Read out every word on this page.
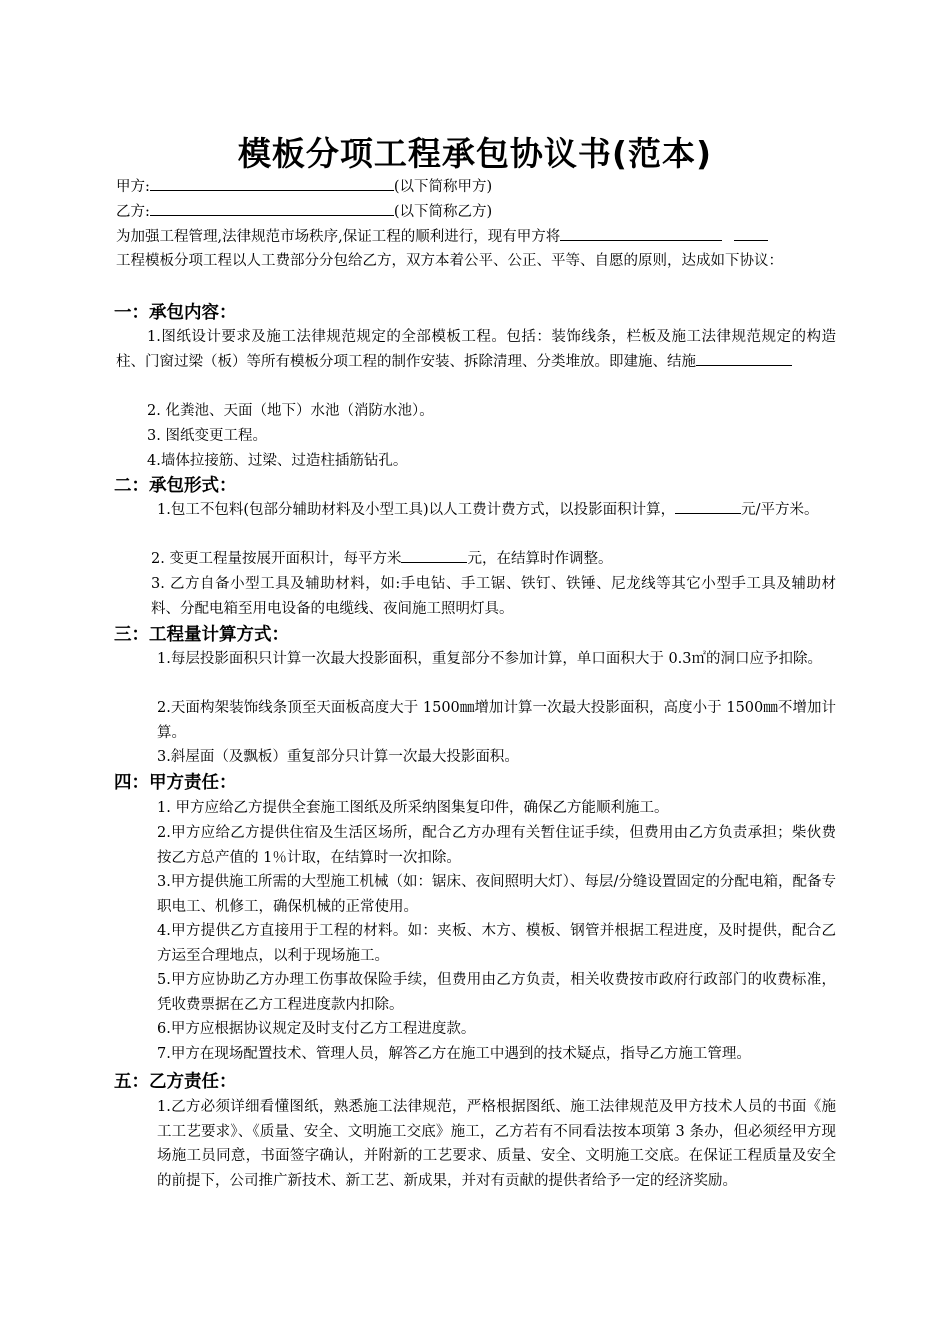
模板分项工程承包协议书(范本)
甲方:	(以下简称甲方)
乙方:	(以下简称乙方)
为加强工程管理,法律规范市场秩序,保证工程的顺利进行，现有甲方将
工程模板分项工程以人工费部分分包给乙方，双方本着公平、公正、平等、自愿的原则，达成如下协议：
一：承包内容：
1.图纸设计要求及施工法律规范规定的全部模板工程。包括：装饰线条，栏板及施工法律规范规定的构造柱、门窗过梁（板）等所有模板分项工程的制作安装、拆除清理、分类堆放。即建施、结施
2. 化粪池、天面（地下）水池（消防水池）。
3. 图纸变更工程。
4.墙体拉接筋、过梁、过造柱插筋钻孔。
二：承包形式：
1.包工不包料(包部分辅助材料及小型工具)以人工费计费方式，以投影面积计算，	元/平方米。
2. 变更工程量按展开面积计，每平方米	元，在结算时作调整。
3. 乙方自备小型工具及辅助材料，如:手电钻、手工锯、铁钉、铁锤、尼龙线等其它小型手工具及辅助材料、分配电箱至用电设备的电缆线、夜间施工照明灯具。
三：工程量计算方式：
1.每层投影面积只计算一次最大投影面积，重复部分不参加计算，单口面积大于 0.3㎡的洞口应予扣除。
2.天面构架装饰线条顶至天面板高度大于 1500㎜增加计算一次最大投影面积，高度小于 1500㎜不增加计算。
3.斜屋面（及飘板）重复部分只计算一次最大投影面积。
四：甲方责任：
1. 甲方应给乙方提供全套施工图纸及所采纳图集复印件，确保乙方能顺利施工。
2.甲方应给乙方提供住宿及生活区场所，配合乙方办理有关暂住证手续，但费用由乙方负责承担；柴伙费按乙方总产值的 1％计取，在结算时一次扣除。
3.甲方提供施工所需的大型施工机械（如：锯床、夜间照明大灯）、每层/分缝设置固定的分配电箱，配备专职电工、机修工，确保机械的正常使用。
4.甲方提供乙方直接用于工程的材料。如：夹板、木方、模板、钢管并根据工程进度，及时提供，配合乙方运至合理地点，以利于现场施工。
5.甲方应协助乙方办理工伤事故保险手续，但费用由乙方负责，相关收费按市政府行政部门的收费标准，凭收费票据在乙方工程进度款内扣除。
6.甲方应根据协议规定及时支付乙方工程进度款。
7.甲方在现场配置技术、管理人员，解答乙方在施工中遇到的技术疑点，指导乙方施工管理。
五：乙方责任：
1.乙方必须详细看懂图纸，熟悉施工法律规范，严格根据图纸、施工法律规范及甲方技术人员的书面《施工工艺要求》、《质量、安全、文明施工交底》施工，乙方若有不同看法按本项第 3 条办，但必须经甲方现场施工员同意，书面签字确认，并附新的工艺要求、质量、安全、文明施工交底。在保证工程质量及安全的前提下，公司推广新技术、新工艺、新成果，并对有贡献的提供者给予一定的经济奖励。
